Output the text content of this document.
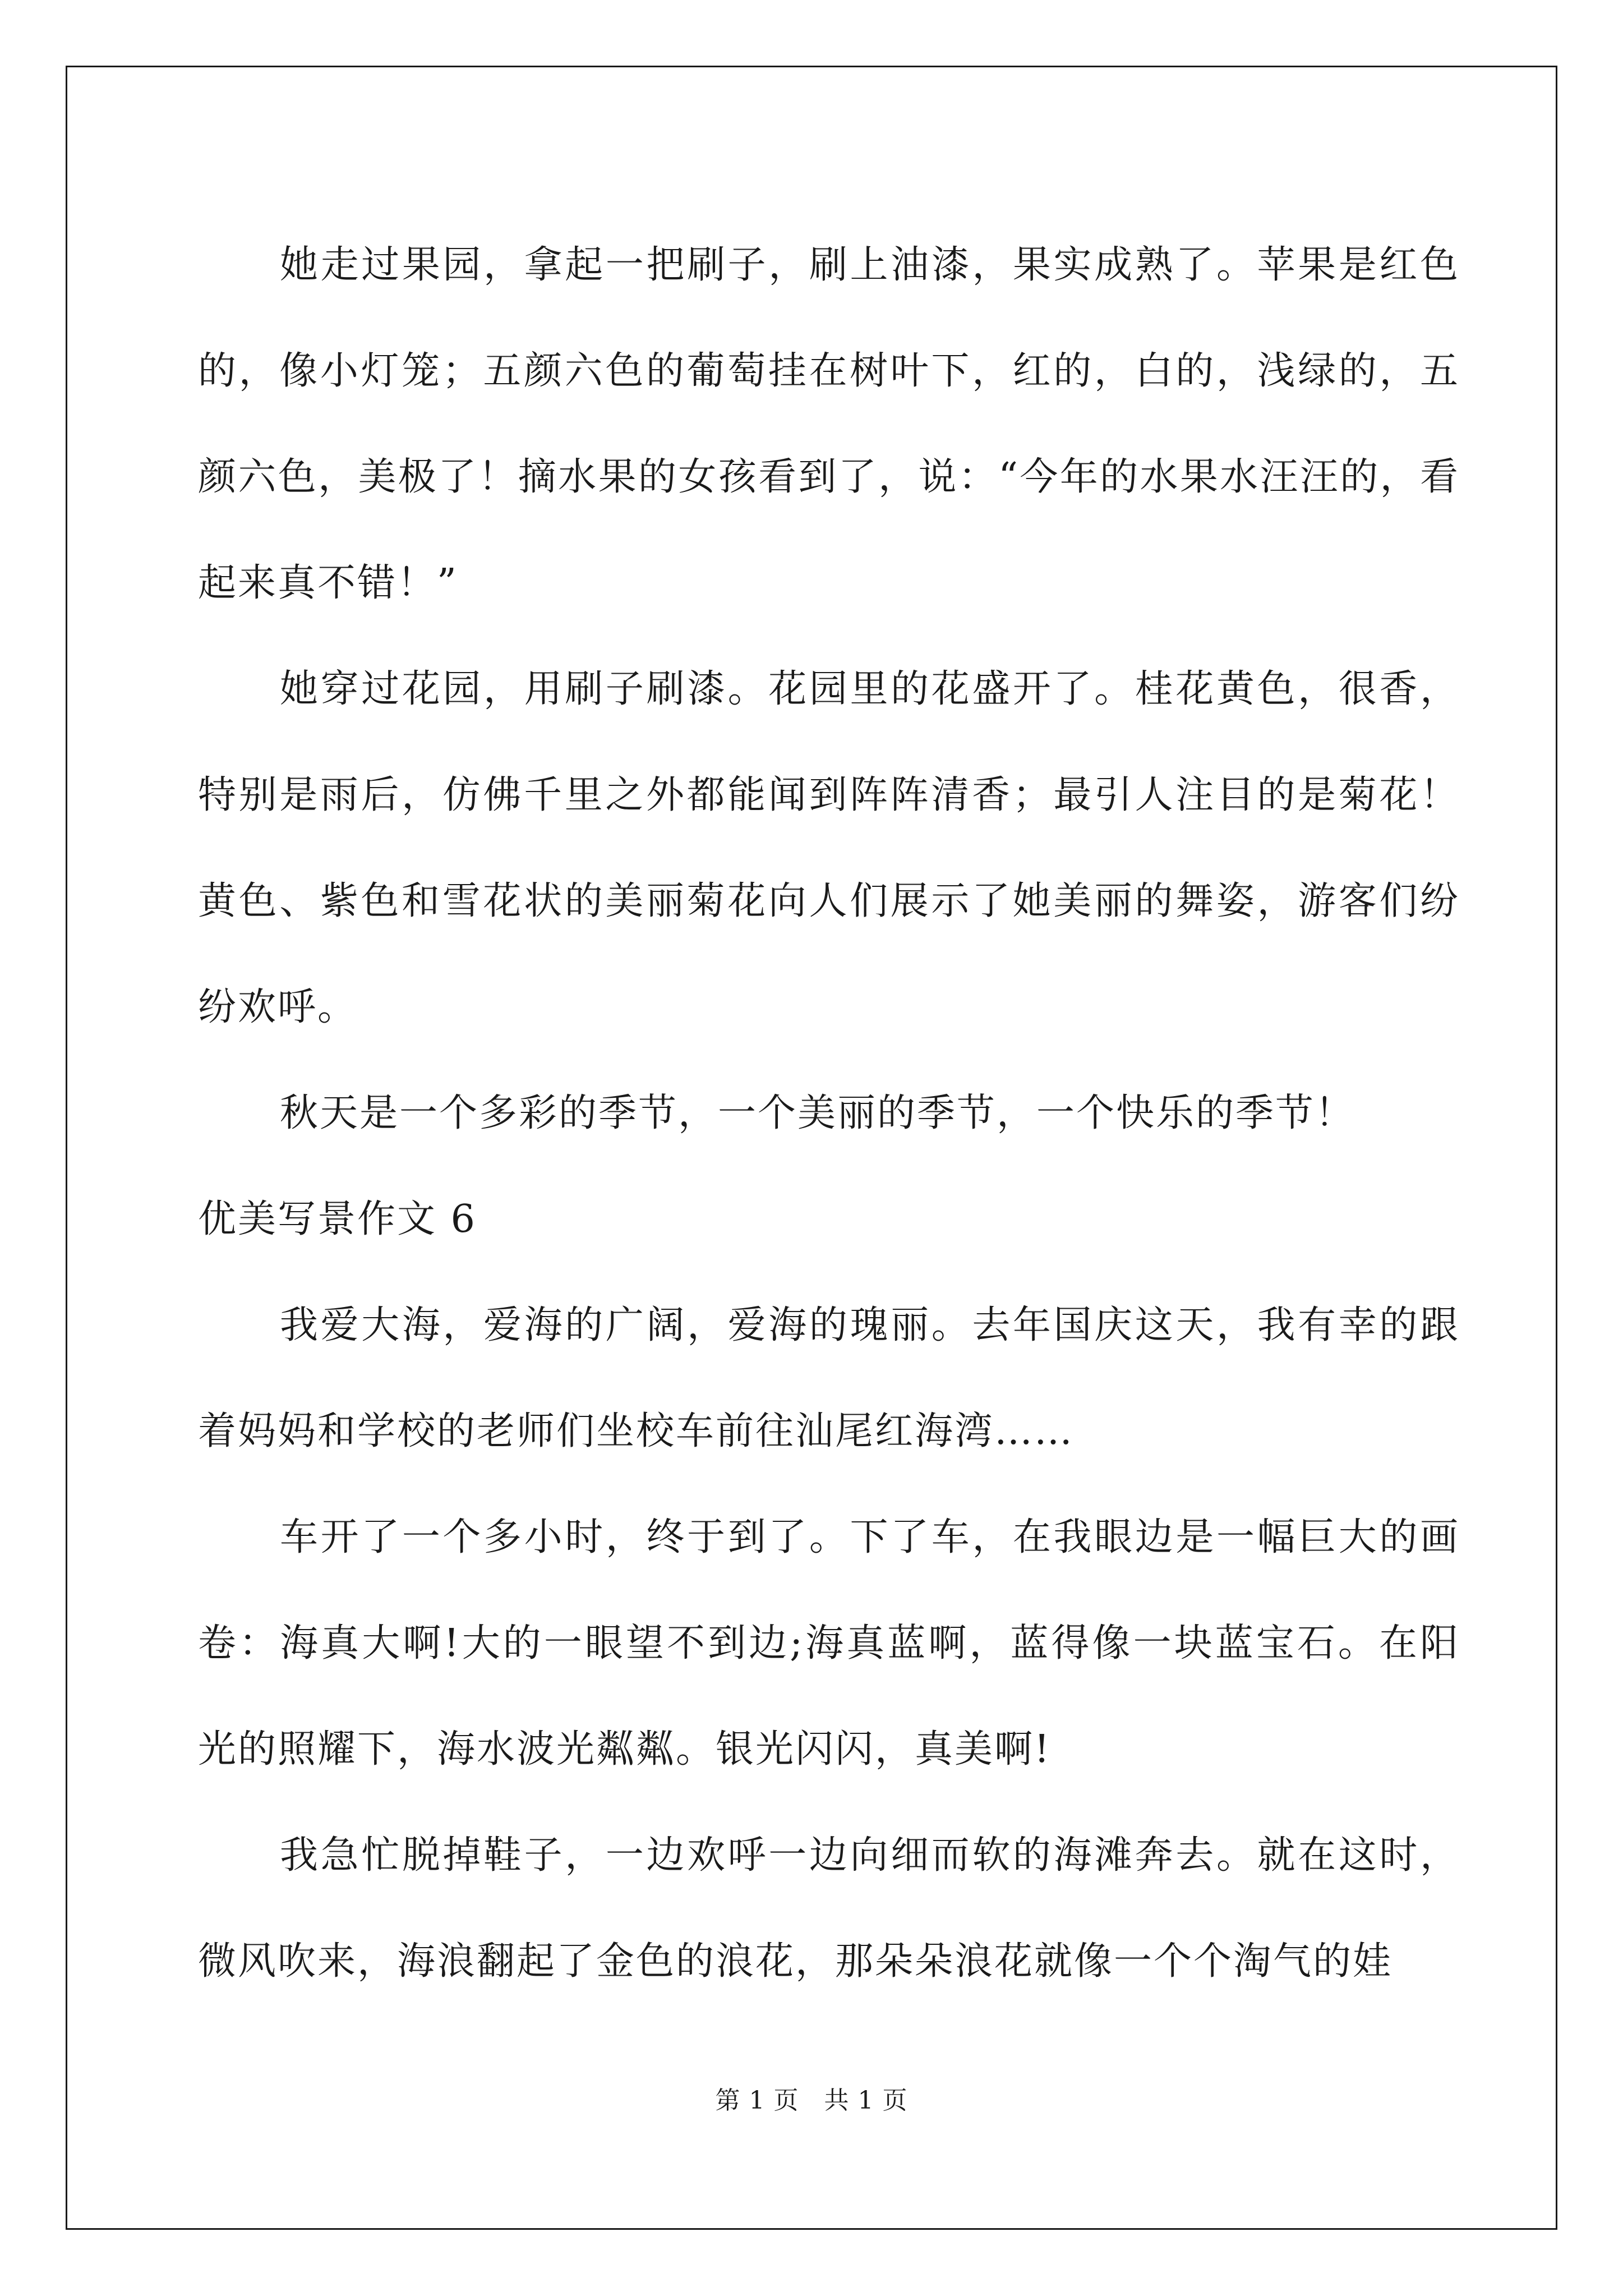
她走过果园，拿起一把刷子，刷上油漆，果实成熟了。苹果是红色的，像小灯笼；五颜六色的葡萄挂在树叶下，红的，白的，浅绿的，五颜六色，美极了！摘水果的女孩看到了，说：“今年的水果水汪汪的，看起来真不错！”

她穿过花园，用刷子刷漆。花园里的花盛开了。桂花黄色，很香，特别是雨后，仿佛千里之外都能闻到阵阵清香；最引人注目的是菊花！黄色、紫色和雪花状的美丽菊花向人们展示了她美丽的舞姿，游客们纷纷欢呼。

秋天是一个多彩的季节，一个美丽的季节，一个快乐的季节！

优美写景作文 6

我爱大海，爱海的广阔，爱海的瑰丽。去年国庆这天，我有幸的跟着妈妈和学校的老师们坐校车前往汕尾红海湾……

车开了一个多小时，终于到了。下了车，在我眼边是一幅巨大的画卷：海真大啊!大的一眼望不到边;海真蓝啊，蓝得像一块蓝宝石。在阳光的照耀下，海水波光粼粼。银光闪闪，真美啊!

我急忙脱掉鞋子，一边欢呼一边向细而软的海滩奔去。就在这时，微风吹来，海浪翻起了金色的浪花，那朵朵浪花就像一个个淘气的娃

第 1 页　共 1 页
